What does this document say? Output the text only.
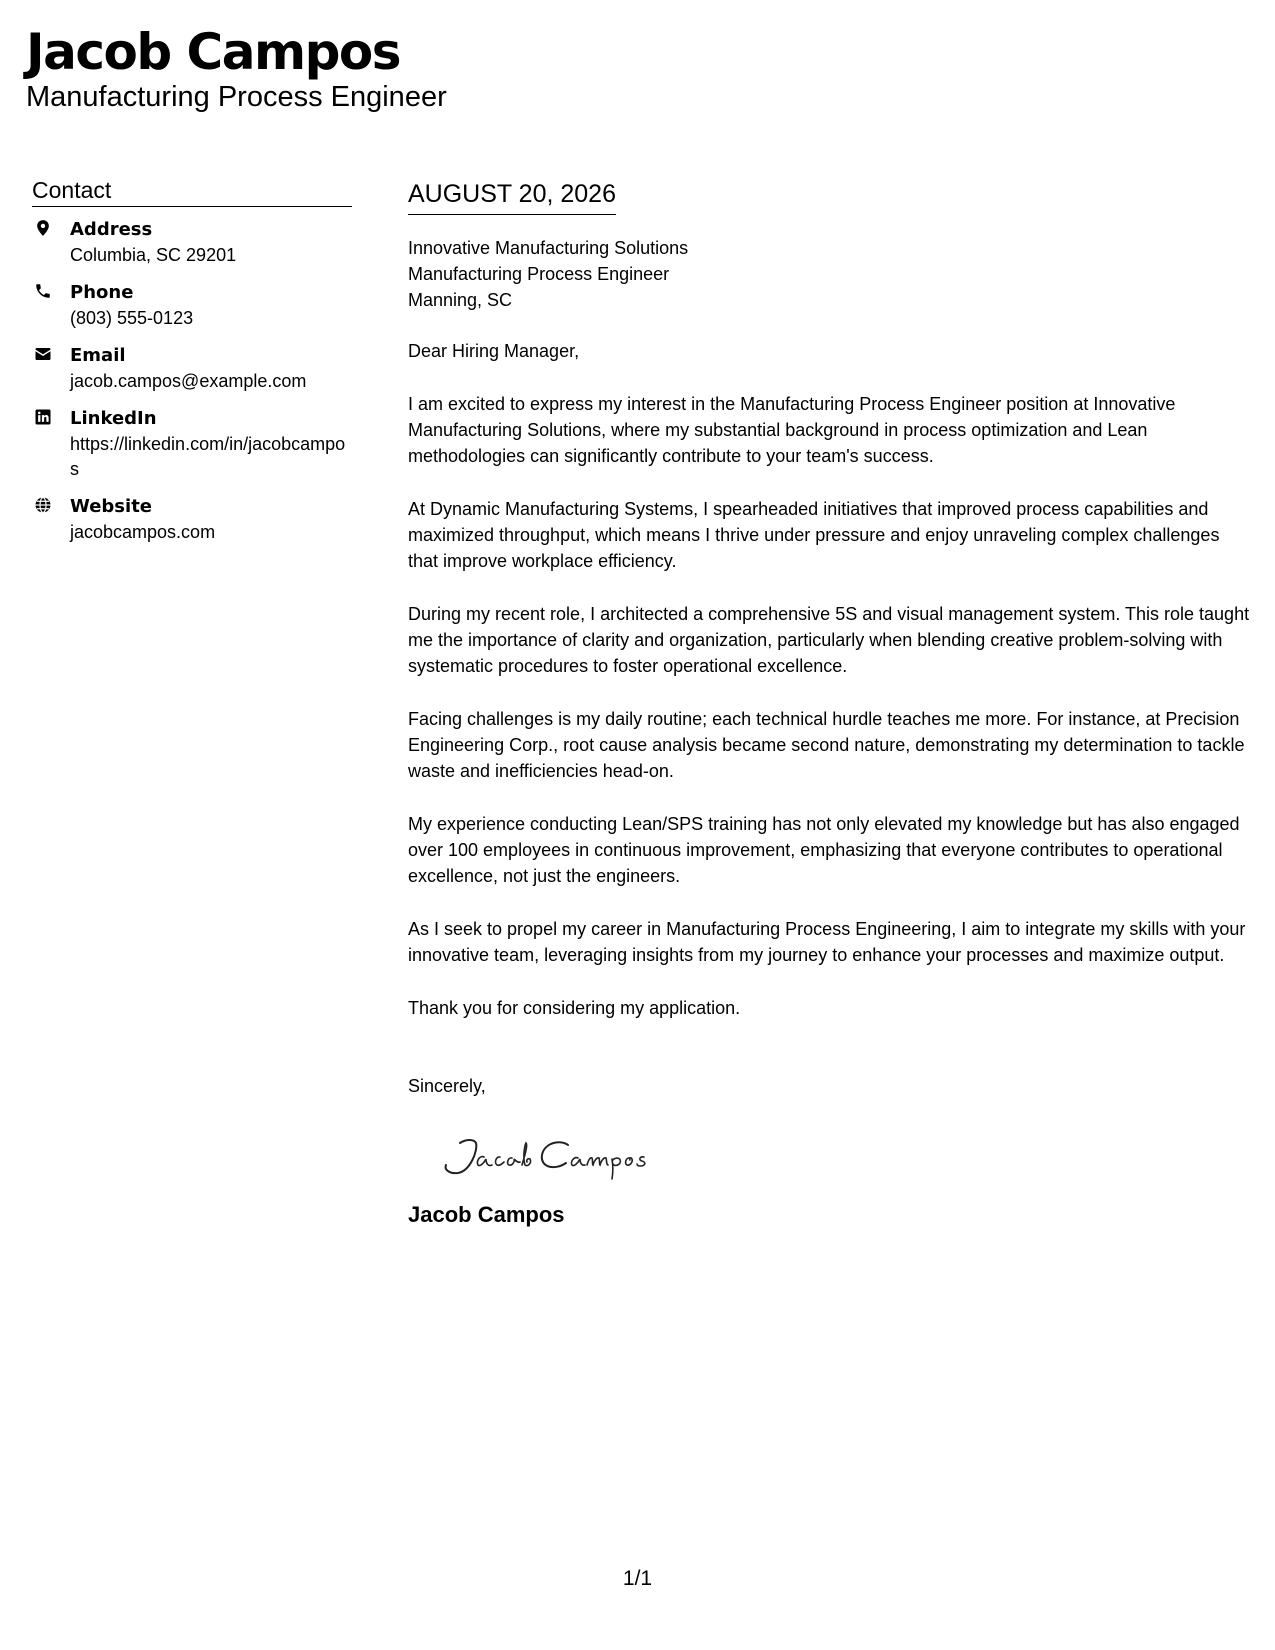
Jacob Campos
Manufacturing Process Engineer
Contact
Address
Columbia, SC 29201
Phone
(803) 555-0123
Email
jacob.campos@example.com
LinkedIn
https://linkedin.com/in/jacobcampos
Website
jacobcampos.com
AUGUST 20, 2026
Innovative Manufacturing Solutions
Manufacturing Process Engineer
Manning, SC
Dear Hiring Manager,
I am excited to express my interest in the Manufacturing Process Engineer position at Innovative Manufacturing Solutions, where my substantial background in process optimization and Lean methodologies can significantly contribute to your team's success.
At Dynamic Manufacturing Systems, I spearheaded initiatives that improved process capabilities and maximized throughput, which means I thrive under pressure and enjoy unraveling complex challenges that improve workplace efficiency.
During my recent role, I architected a comprehensive 5S and visual management system. This role taught me the importance of clarity and organization, particularly when blending creative problem-solving with systematic procedures to foster operational excellence.
Facing challenges is my daily routine; each technical hurdle teaches me more. For instance, at Precision Engineering Corp., root cause analysis became second nature, demonstrating my determination to tackle waste and inefficiencies head-on.
My experience conducting Lean/SPS training has not only elevated my knowledge but has also engaged over 100 employees in continuous improvement, emphasizing that everyone contributes to operational excellence, not just the engineers.
As I seek to propel my career in Manufacturing Process Engineering, I aim to integrate my skills with your innovative team, leveraging insights from my journey to enhance your processes and maximize output.
Thank you for considering my application.
Sincerely,
Jacob Campos
1/1
